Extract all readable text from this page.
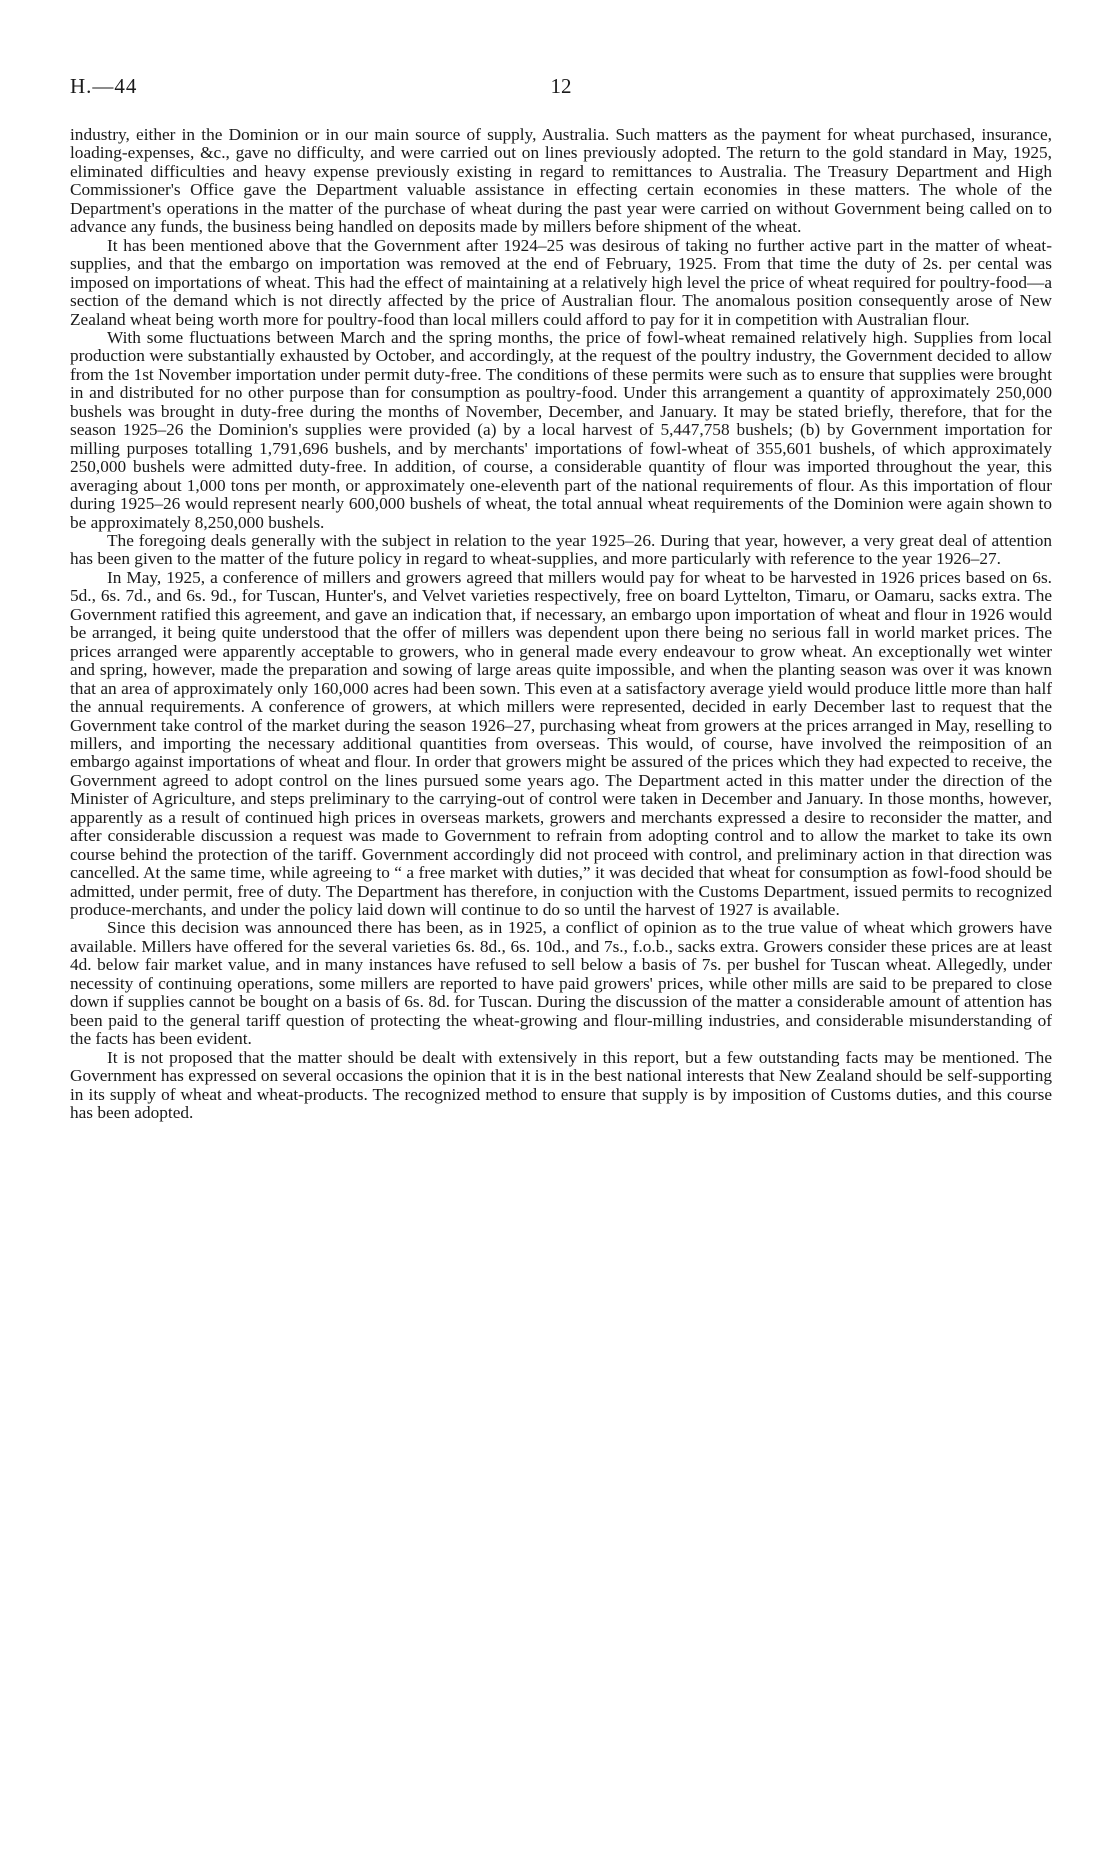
H.—44	12

industry, either in the Dominion or in our main source of supply, Australia. Such matters as the payment for wheat purchased, insurance, loading-expenses, &c., gave no difficulty, and were carried out on lines previously adopted. The return to the gold standard in May, 1925, eliminated difficulties and heavy expense previously existing in regard to remittances to Australia. The Treasury Department and High Commissioner's Office gave the Department valuable assistance in effecting certain economies in these matters. The whole of the Department's operations in the matter of the purchase of wheat during the past year were carried on without Government being called on to advance any funds, the business being handled on deposits made by millers before shipment of the wheat.

It has been mentioned above that the Government after 1924–25 was desirous of taking no further active part in the matter of wheat-supplies, and that the embargo on importation was removed at the end of February, 1925. From that time the duty of 2s. per cental was imposed on importations of wheat. This had the effect of maintaining at a relatively high level the price of wheat required for poultry-food—a section of the demand which is not directly affected by the price of Australian flour. The anomalous position consequently arose of New Zealand wheat being worth more for poultry-food than local millers could afford to pay for it in competition with Australian flour.

With some fluctuations between March and the spring months, the price of fowl-wheat remained relatively high. Supplies from local production were substantially exhausted by October, and accordingly, at the request of the poultry industry, the Government decided to allow from the 1st November importation under permit duty-free. The conditions of these permits were such as to ensure that supplies were brought in and distributed for no other purpose than for consumption as poultry-food. Under this arrangement a quantity of approximately 250,000 bushels was brought in duty-free during the months of November, December, and January. It may be stated briefly, therefore, that for the season 1925–26 the Dominion's supplies were provided (a) by a local harvest of 5,447,758 bushels; (b) by Government importation for milling purposes totalling 1,791,696 bushels, and by merchants' importations of fowl-wheat of 355,601 bushels, of which approximately 250,000 bushels were admitted duty-free. In addition, of course, a considerable quantity of flour was imported throughout the year, this averaging about 1,000 tons per month, or approximately one-eleventh part of the national requirements of flour. As this importation of flour during 1925–26 would represent nearly 600,000 bushels of wheat, the total annual wheat requirements of the Dominion were again shown to be approximately 8,250,000 bushels.

The foregoing deals generally with the subject in relation to the year 1925–26. During that year, however, a very great deal of attention has been given to the matter of the future policy in regard to wheat-supplies, and more particularly with reference to the year 1926–27.

In May, 1925, a conference of millers and growers agreed that millers would pay for wheat to be harvested in 1926 prices based on 6s. 5d., 6s. 7d., and 6s. 9d., for Tuscan, Hunter's, and Velvet varieties respectively, free on board Lyttelton, Timaru, or Oamaru, sacks extra. The Government ratified this agreement, and gave an indication that, if necessary, an embargo upon importation of wheat and flour in 1926 would be arranged, it being quite understood that the offer of millers was dependent upon there being no serious fall in world market prices. The prices arranged were apparently acceptable to growers, who in general made every endeavour to grow wheat. An exceptionally wet winter and spring, however, made the preparation and sowing of large areas quite impossible, and when the planting season was over it was known that an area of approximately only 160,000 acres had been sown. This even at a satisfactory average yield would produce little more than half the annual requirements. A conference of growers, at which millers were represented, decided in early December last to request that the Government take control of the market during the season 1926–27, purchasing wheat from growers at the prices arranged in May, reselling to millers, and importing the necessary additional quantities from overseas. This would, of course, have involved the reimposition of an embargo against importations of wheat and flour. In order that growers might be assured of the prices which they had expected to receive, the Government agreed to adopt control on the lines pursued some years ago. The Department acted in this matter under the direction of the Minister of Agriculture, and steps preliminary to the carrying-out of control were taken in December and January. In those months, however, apparently as a result of continued high prices in overseas markets, growers and merchants expressed a desire to reconsider the matter, and after considerable discussion a request was made to Government to refrain from adopting control and to allow the market to take its own course behind the protection of the tariff. Government accordingly did not proceed with control, and preliminary action in that direction was cancelled. At the same time, while agreeing to “ a free market with duties,” it was decided that wheat for consumption as fowl-food should be admitted, under permit, free of duty. The Department has therefore, in conjuction with the Customs Department, issued permits to recognized produce-merchants, and under the policy laid down will continue to do so until the harvest of 1927 is available.

Since this decision was announced there has been, as in 1925, a conflict of opinion as to the true value of wheat which growers have available. Millers have offered for the several varieties 6s. 8d., 6s. 10d., and 7s., f.o.b., sacks extra. Growers consider these prices are at least 4d. below fair market value, and in many instances have refused to sell below a basis of 7s. per bushel for Tuscan wheat. Allegedly, under necessity of continuing operations, some millers are reported to have paid growers' prices, while other mills are said to be prepared to close down if supplies cannot be bought on a basis of 6s. 8d. for Tuscan. During the discussion of the matter a considerable amount of attention has been paid to the general tariff question of protecting the wheat-growing and flour-milling industries, and considerable misunderstanding of the facts has been evident.

It is not proposed that the matter should be dealt with extensively in this report, but a few outstanding facts may be mentioned. The Government has expressed on several occasions the opinion that it is in the best national interests that New Zealand should be self-supporting in its supply of wheat and wheat-products. The recognized method to ensure that supply is by imposition of Customs duties, and this course has been adopted.
